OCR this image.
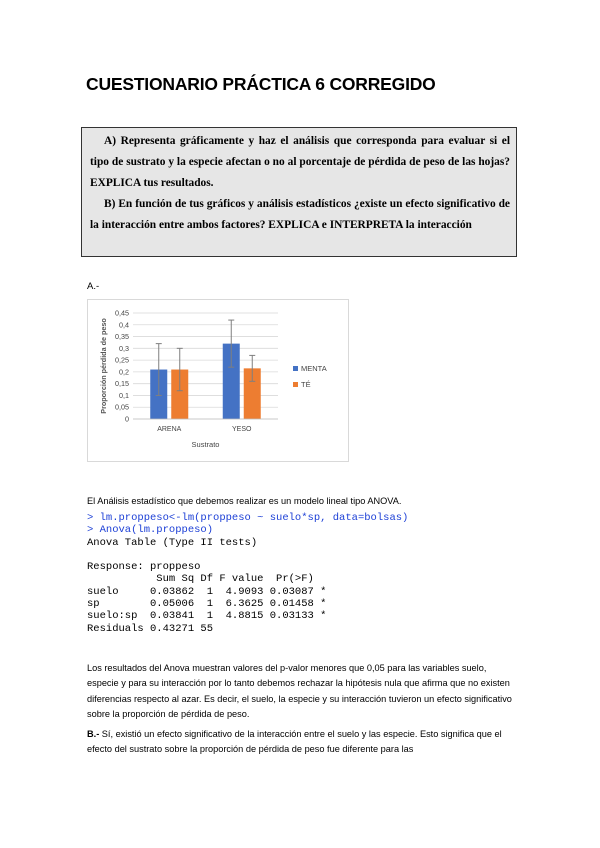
CUESTIONARIO PRÁCTICA 6 CORREGIDO

A) Representa gráficamente y haz el análisis que corresponda para evaluar si el tipo de sustrato y la especie afectan o no al porcentaje de pérdida de peso de las hojas? EXPLICA tus resultados.

B) En función de tus gráficos y análisis estadísticos ¿existe un efecto significativo de la interacción entre ambos factores? EXPLICA e INTERPRETA la interacción

A.-
0
0,05
0,1
0,15
0,2
0,25
0,3
0,35
0,4
0,45
ARENA	YESO
Sustrato
Proporción pérdida de peso	MENTA
TÉ
El Análisis estadístico que debemos realizar es un modelo lineal tipo ANOVA.
> lm.proppeso<-lm(proppeso ~ suelo*sp, data=bolsas)
> Anova(lm.proppeso)
Anova Table (Type II tests)

Response: proppeso
Sum Sq Df F value  Pr(>F)
suelo     0.03862  1  4.9093 0.03087 *
sp        0.05006  1  6.3625 0.01458 *
suelo:sp  0.03841  1  4.8815 0.03133 *
Residuals 0.43271 55

Los resultados del Anova muestran valores del p-valor menores que 0,05 para las variables suelo, especie y para su interacción por lo tanto debemos rechazar la hipótesis nula que afirma que no existen diferencias respecto al azar. Es decir, el suelo, la especie y su interacción tuvieron un efecto significativo sobre la proporción de pérdida de peso.
B.- Sí, existió un efecto significativo de la interacción entre el suelo y las especie. Esto significa que el efecto del sustrato sobre la proporción de pérdida de peso fue diferente para las
